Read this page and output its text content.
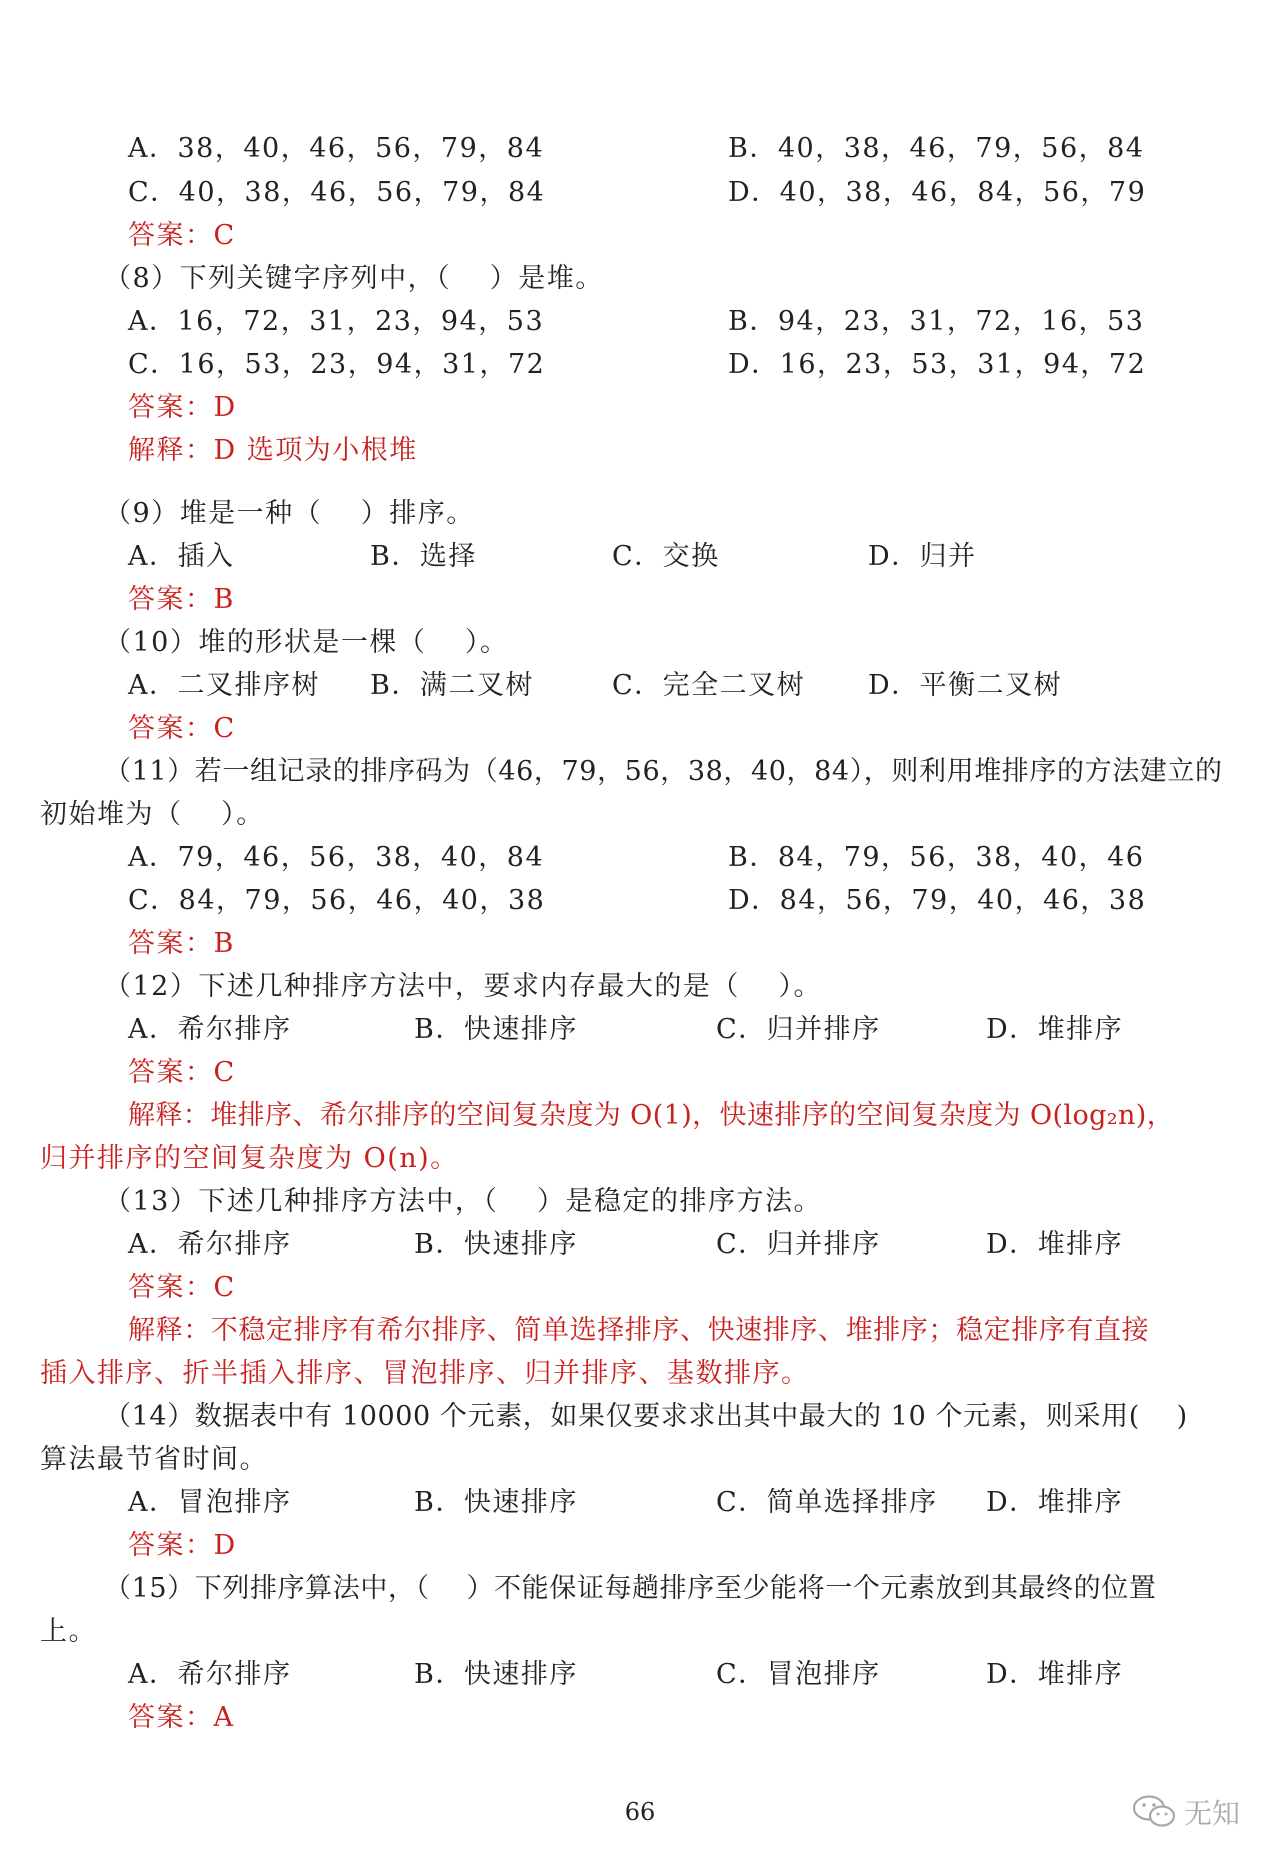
A．38，40，46，56，79，84	B．40，38，46，79，56，84
C．40，38，46，56，79，84	D．40，38，46，84，56，79
答案：C
（8）下列关键字序列中，（　 ）是堆。
A．16，72，31，23，94，53	B．94，23，31，72，16，53
C．16，53，23，94，31，72	D．16，23，53，31，94，72
答案：D
解释：D 选项为小根堆
（9）堆是一种（　 ）排序。
A．插入	B．选择	C．交换	D．归并
答案：B
（10）堆的形状是一棵（　 ）。
A．二叉排序树 B．满二叉树	C．完全二叉树 D．平衡二叉树
答案：C
（11）若一组记录的排序码为（46，79，56，38，40，84），则利用堆排序的方法建立的
初始堆为（　 ）。
A．79，46，56，38，40，84	B．84，79，56，38，40，46
C．84，79，56，46，40，38	D．84，56，79，40，46，38
答案：B
（12）下述几种排序方法中，要求内存最大的是（　 ）。
A．希尔排序	B．快速排序	C．归并排序	D．堆排序
答案：C
解释：堆排序、希尔排序的空间复杂度为 O(1)，快速排序的空间复杂度为 O(log₂n)，
归并排序的空间复杂度为 O(n)。
（13）下述几种排序方法中，（　 ）是稳定的排序方法。
A．希尔排序	B．快速排序	C．归并排序	D．堆排序
答案：C
解释：不稳定排序有希尔排序、简单选择排序、快速排序、堆排序；稳定排序有直接
插入排序、折半插入排序、冒泡排序、归并排序、基数排序。
（14）数据表中有 10000 个元素，如果仅要求求出其中最大的 10 个元素，则采用(　 )
算法最节省时间。
A．冒泡排序	B．快速排序	C．简单选择排序 D．堆排序
答案：D
（15）下列排序算法中，（　 ）不能保证每趟排序至少能将一个元素放到其最终的位置
上。
A．希尔排序	B．快速排序	C．冒泡排序	D．堆排序
答案：A
66	无知
